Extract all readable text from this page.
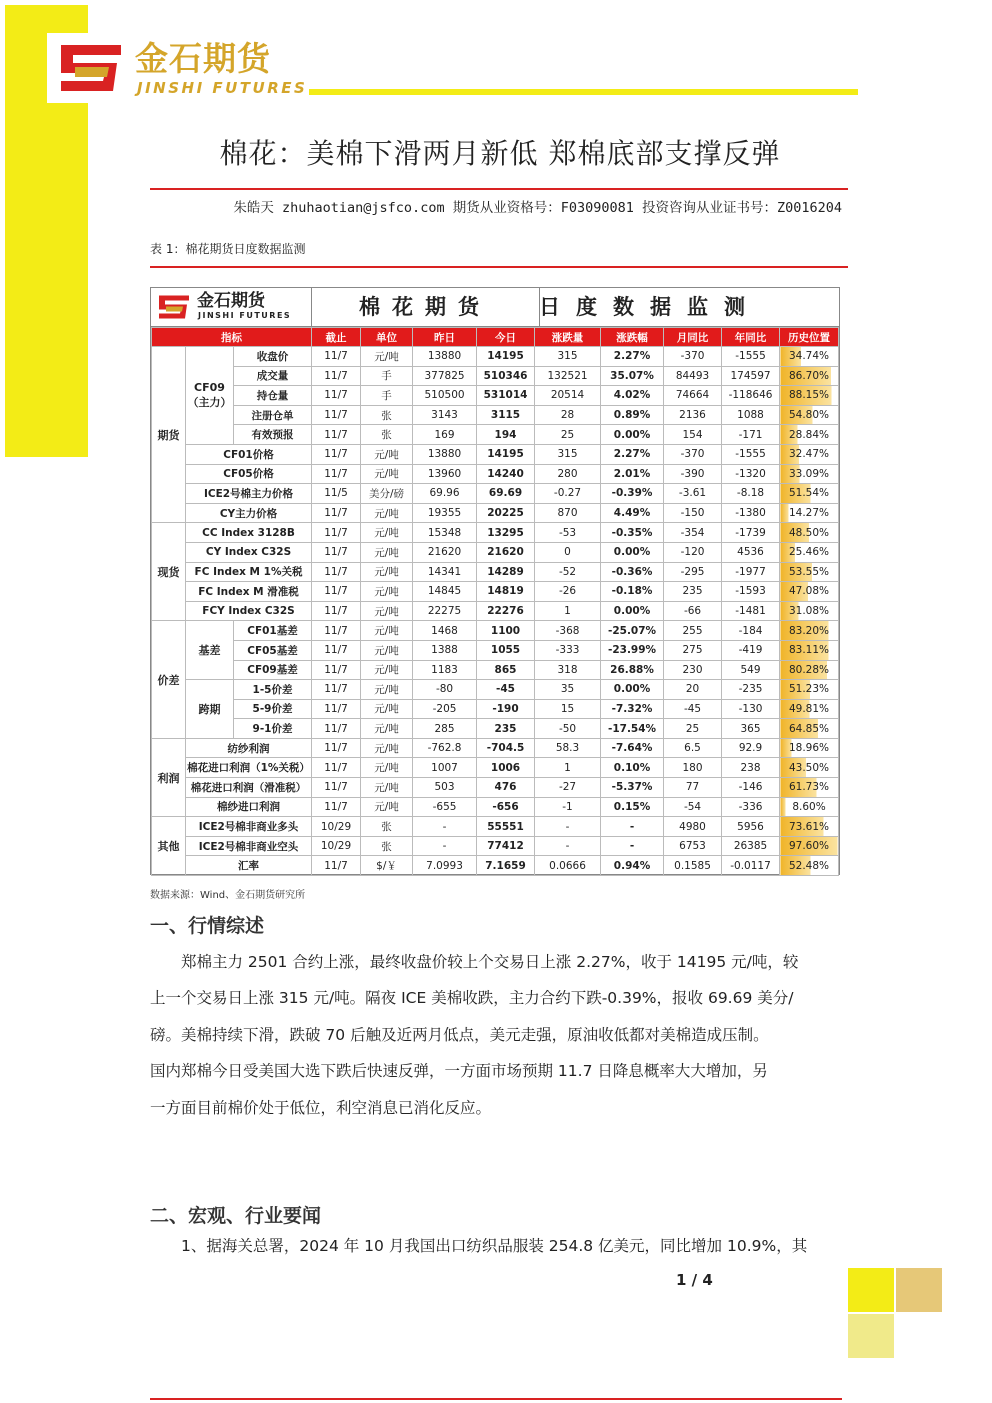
金石期货
JINSHI FUTURES
棉花：美棉下滑两月新低 郑棉底部支撑反弹
朱皓天 zhuhaotian@jsfco.com 期货从业资格号：F03090081 投资咨询从业证书号：Z0016204
表 1：棉花期货日度数据监测
金石期货
JINSHI FUTURES	棉花期货	日度数据监测
指标			截止	单位	昨日	今日	涨跌量	涨跌幅	月同比	年同比	历史位置
期货	CF09（主力）	收盘价	11/7	元/吨	13880	14195	315	2.27%	-370	-1555	34.74%
		成交量	11/7	手	377825	510346	132521	35.07%	84493	174597	86.70%
		持仓量	11/7	手	510500	531014	20514	4.02%	74664	-118646	88.15%
		注册仓单	11/7	张	3143	3115	28	0.89%	2136	1088	54.80%
		有效预报	11/7	张	169	194	25	0.00%	154	-171	28.84%
	CF01价格		11/7	元/吨	13880	14195	315	2.27%	-370	-1555	32.47%
	CF05价格		11/7	元/吨	13960	14240	280	2.01%	-390	-1320	33.09%
	ICE2号棉主力价格		11/5	美分/磅	69.96	69.69	-0.27	-0.39%	-3.61	-8.18	51.54%
	CY主力价格		11/7	元/吨	19355	20225	870	4.49%	-150	-1380	14.27%
现货	CC Index 3128B		11/7	元/吨	15348	13295	-53	-0.35%	-354	-1739	48.50%
	CY Index C32S		11/7	元/吨	21620	21620	0	0.00%	-120	4536	25.46%
	FC Index M 1%关税		11/7	元/吨	14341	14289	-52	-0.36%	-295	-1977	53.55%
	FC Index M 滑准税		11/7	元/吨	14845	14819	-26	-0.18%	235	-1593	47.08%
	FCY Index C32S		11/7	元/吨	22275	22276	1	0.00%	-66	-1481	31.08%
价差	基差	CF01基差	11/7	元/吨	1468	1100	-368	-25.07%	255	-184	83.20%
		CF05基差	11/7	元/吨	1388	1055	-333	-23.99%	275	-419	83.11%
		CF09基差	11/7	元/吨	1183	865	318	26.88%	230	549	80.28%
	跨期	1-5价差	11/7	元/吨	-80	-45	35	0.00%	20	-235	51.23%
		5-9价差	11/7	元/吨	-205	-190	15	-7.32%	-45	-130	49.81%
		9-1价差	11/7	元/吨	285	235	-50	-17.54%	25	365	64.85%
利润	纺纱利润		11/7	元/吨	-762.8	-704.5	58.3	-7.64%	6.5	92.9	18.96%
	棉花进口利润（1%关税）		11/7	元/吨	1007	1006	1	0.10%	180	238	43.50%
	棉花进口利润（滑准税）		11/7	元/吨	503	476	-27	-5.37%	77	-146	61.73%
	棉纱进口利润		11/7	元/吨	-655	-656	-1	0.15%	-54	-336	8.60%
其他	ICE2号棉非商业多头		10/29	张	-	55551	-	-	4980	5956	73.61%
	ICE2号棉非商业空头		10/29	张	-	77412	-	-	6753	26385	97.60%
	汇率		11/7	$/￥	7.0993	7.1659	0.0666	0.94%	0.1585	-0.0117	52.48%
数据来源：Wind、金石期货研究所
一、行情综述
郑棉主力 2501 合约上涨，最终收盘价较上个交易日上涨 2.27%，收于 14195 元/吨，较
上一个交易日上涨 315 元/吨。隔夜 ICE 美棉收跌，主力合约下跌-0.39%，报收 69.69 美分/
磅。美棉持续下滑，跌破 70 后触及近两月低点，美元走强，原油收低都对美棉造成压制。
国内郑棉今日受美国大选下跌后快速反弹，一方面市场预期 11.7 日降息概率大大增加，另
一方面目前棉价处于低位，利空消息已消化反应。
二、宏观、行业要闻
1、据海关总署，2024 年 10 月我国出口纺织品服装 254.8 亿美元，同比增加 10.9%，其
1 / 4
